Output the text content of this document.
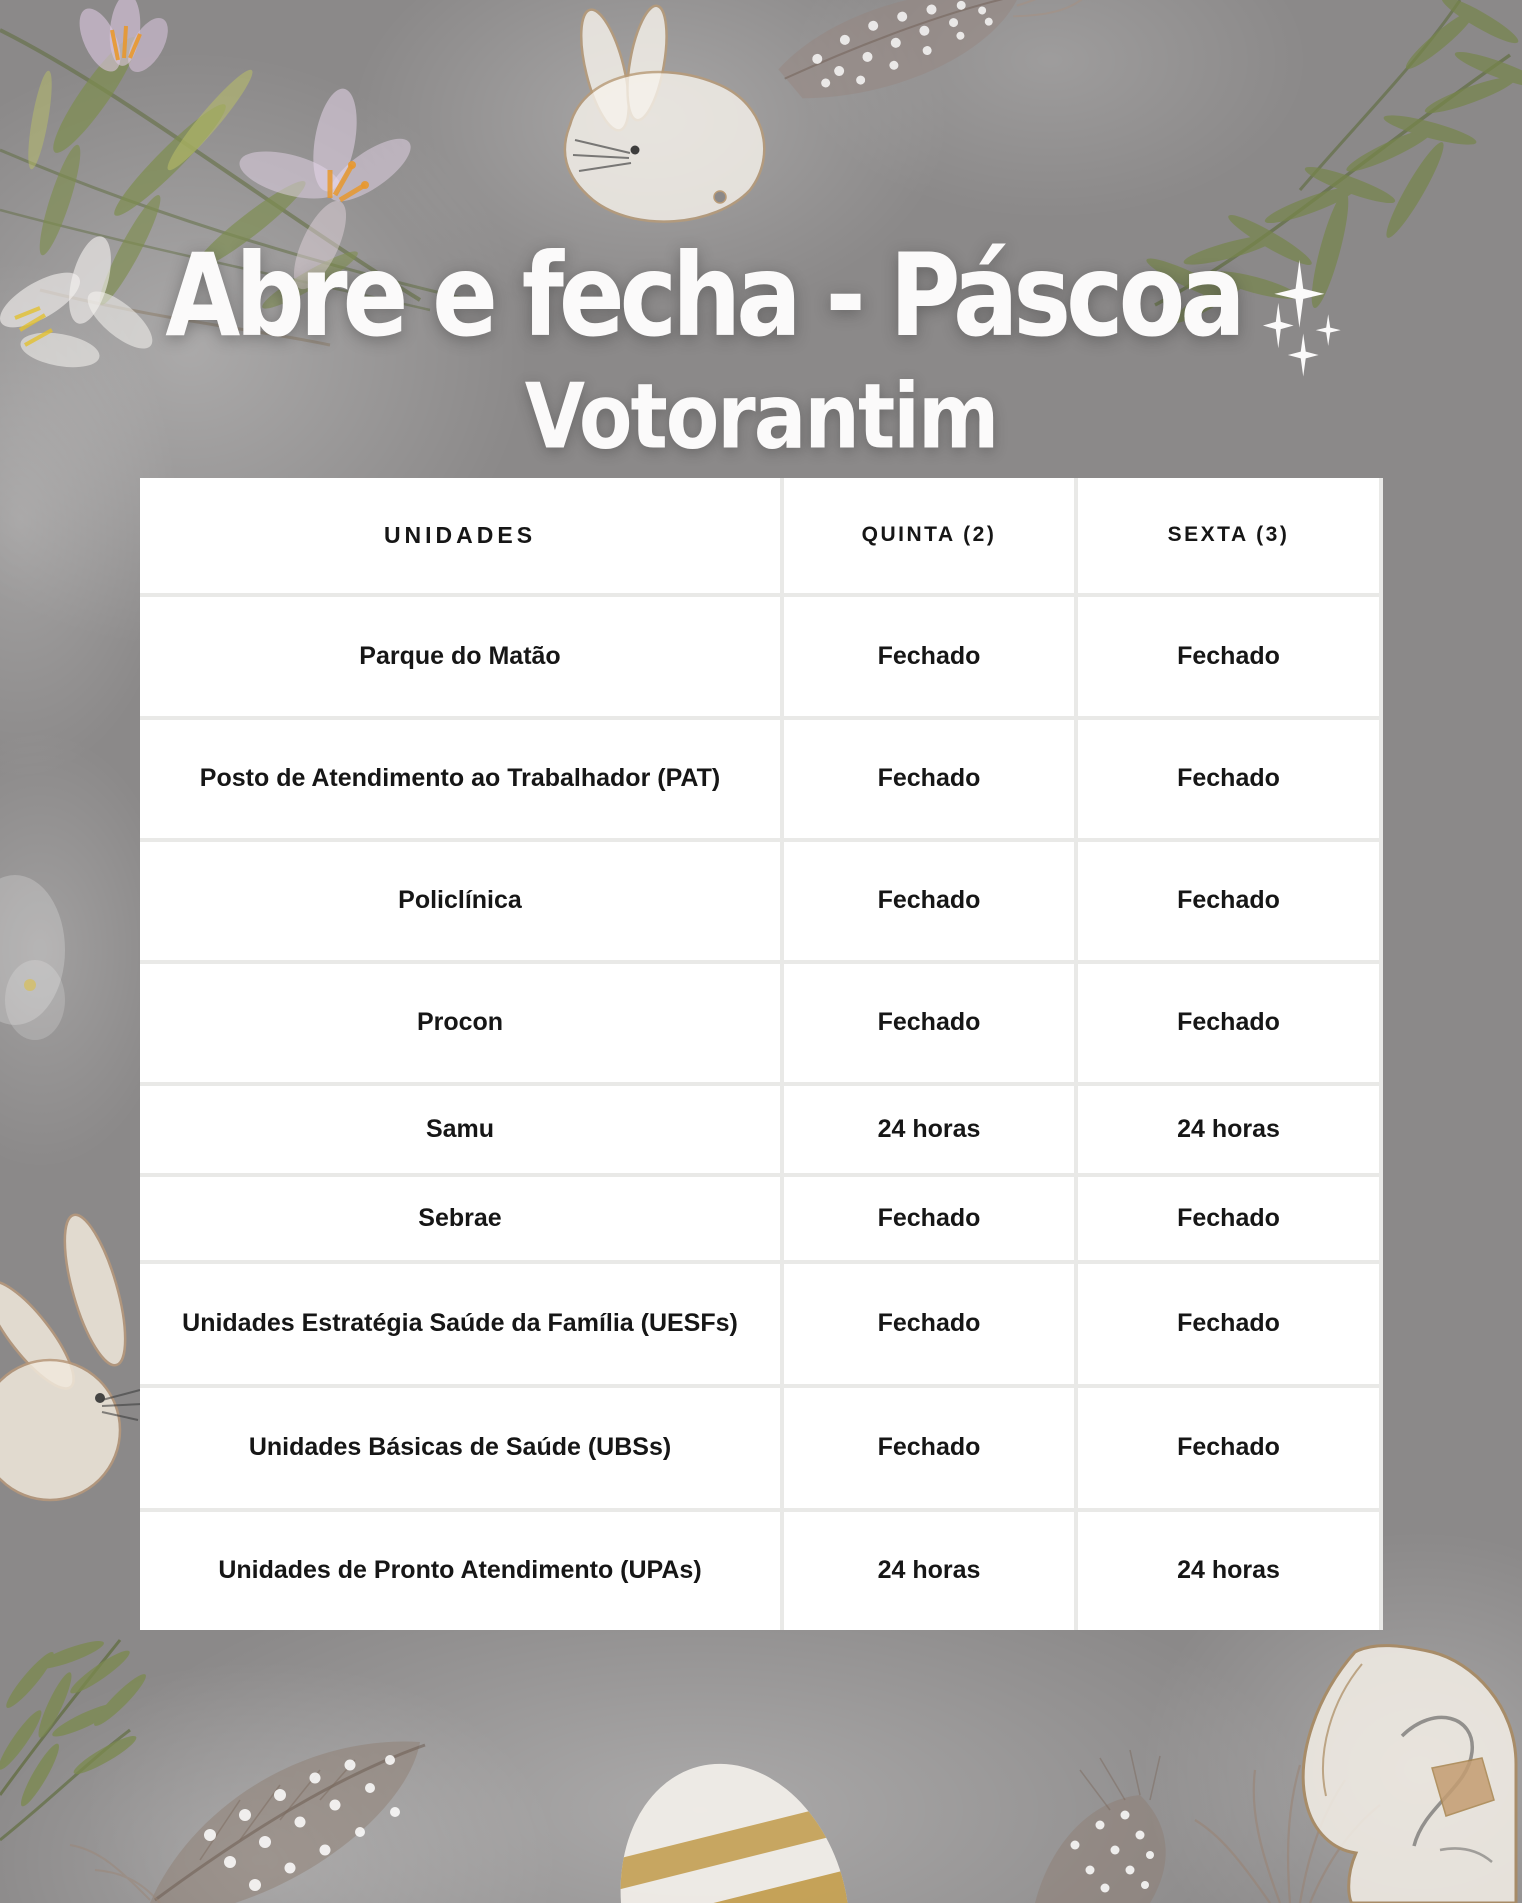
Abre e fecha - Páscoa
Votorantim
UNIDADES	QUINTA (2)	SEXTA (3)
Parque do Matão	Fechado	Fechado
Posto de Atendimento ao Trabalhador (PAT)	Fechado	Fechado
Policlínica	Fechado	Fechado
Procon	Fechado	Fechado
Samu	24 horas	24 horas
Sebrae	Fechado	Fechado
Unidades Estratégia Saúde da Família (UESFs)	Fechado	Fechado
Unidades Básicas de Saúde (UBSs)	Fechado	Fechado
Unidades de Pronto Atendimento (UPAs)	24 horas	24 horas
